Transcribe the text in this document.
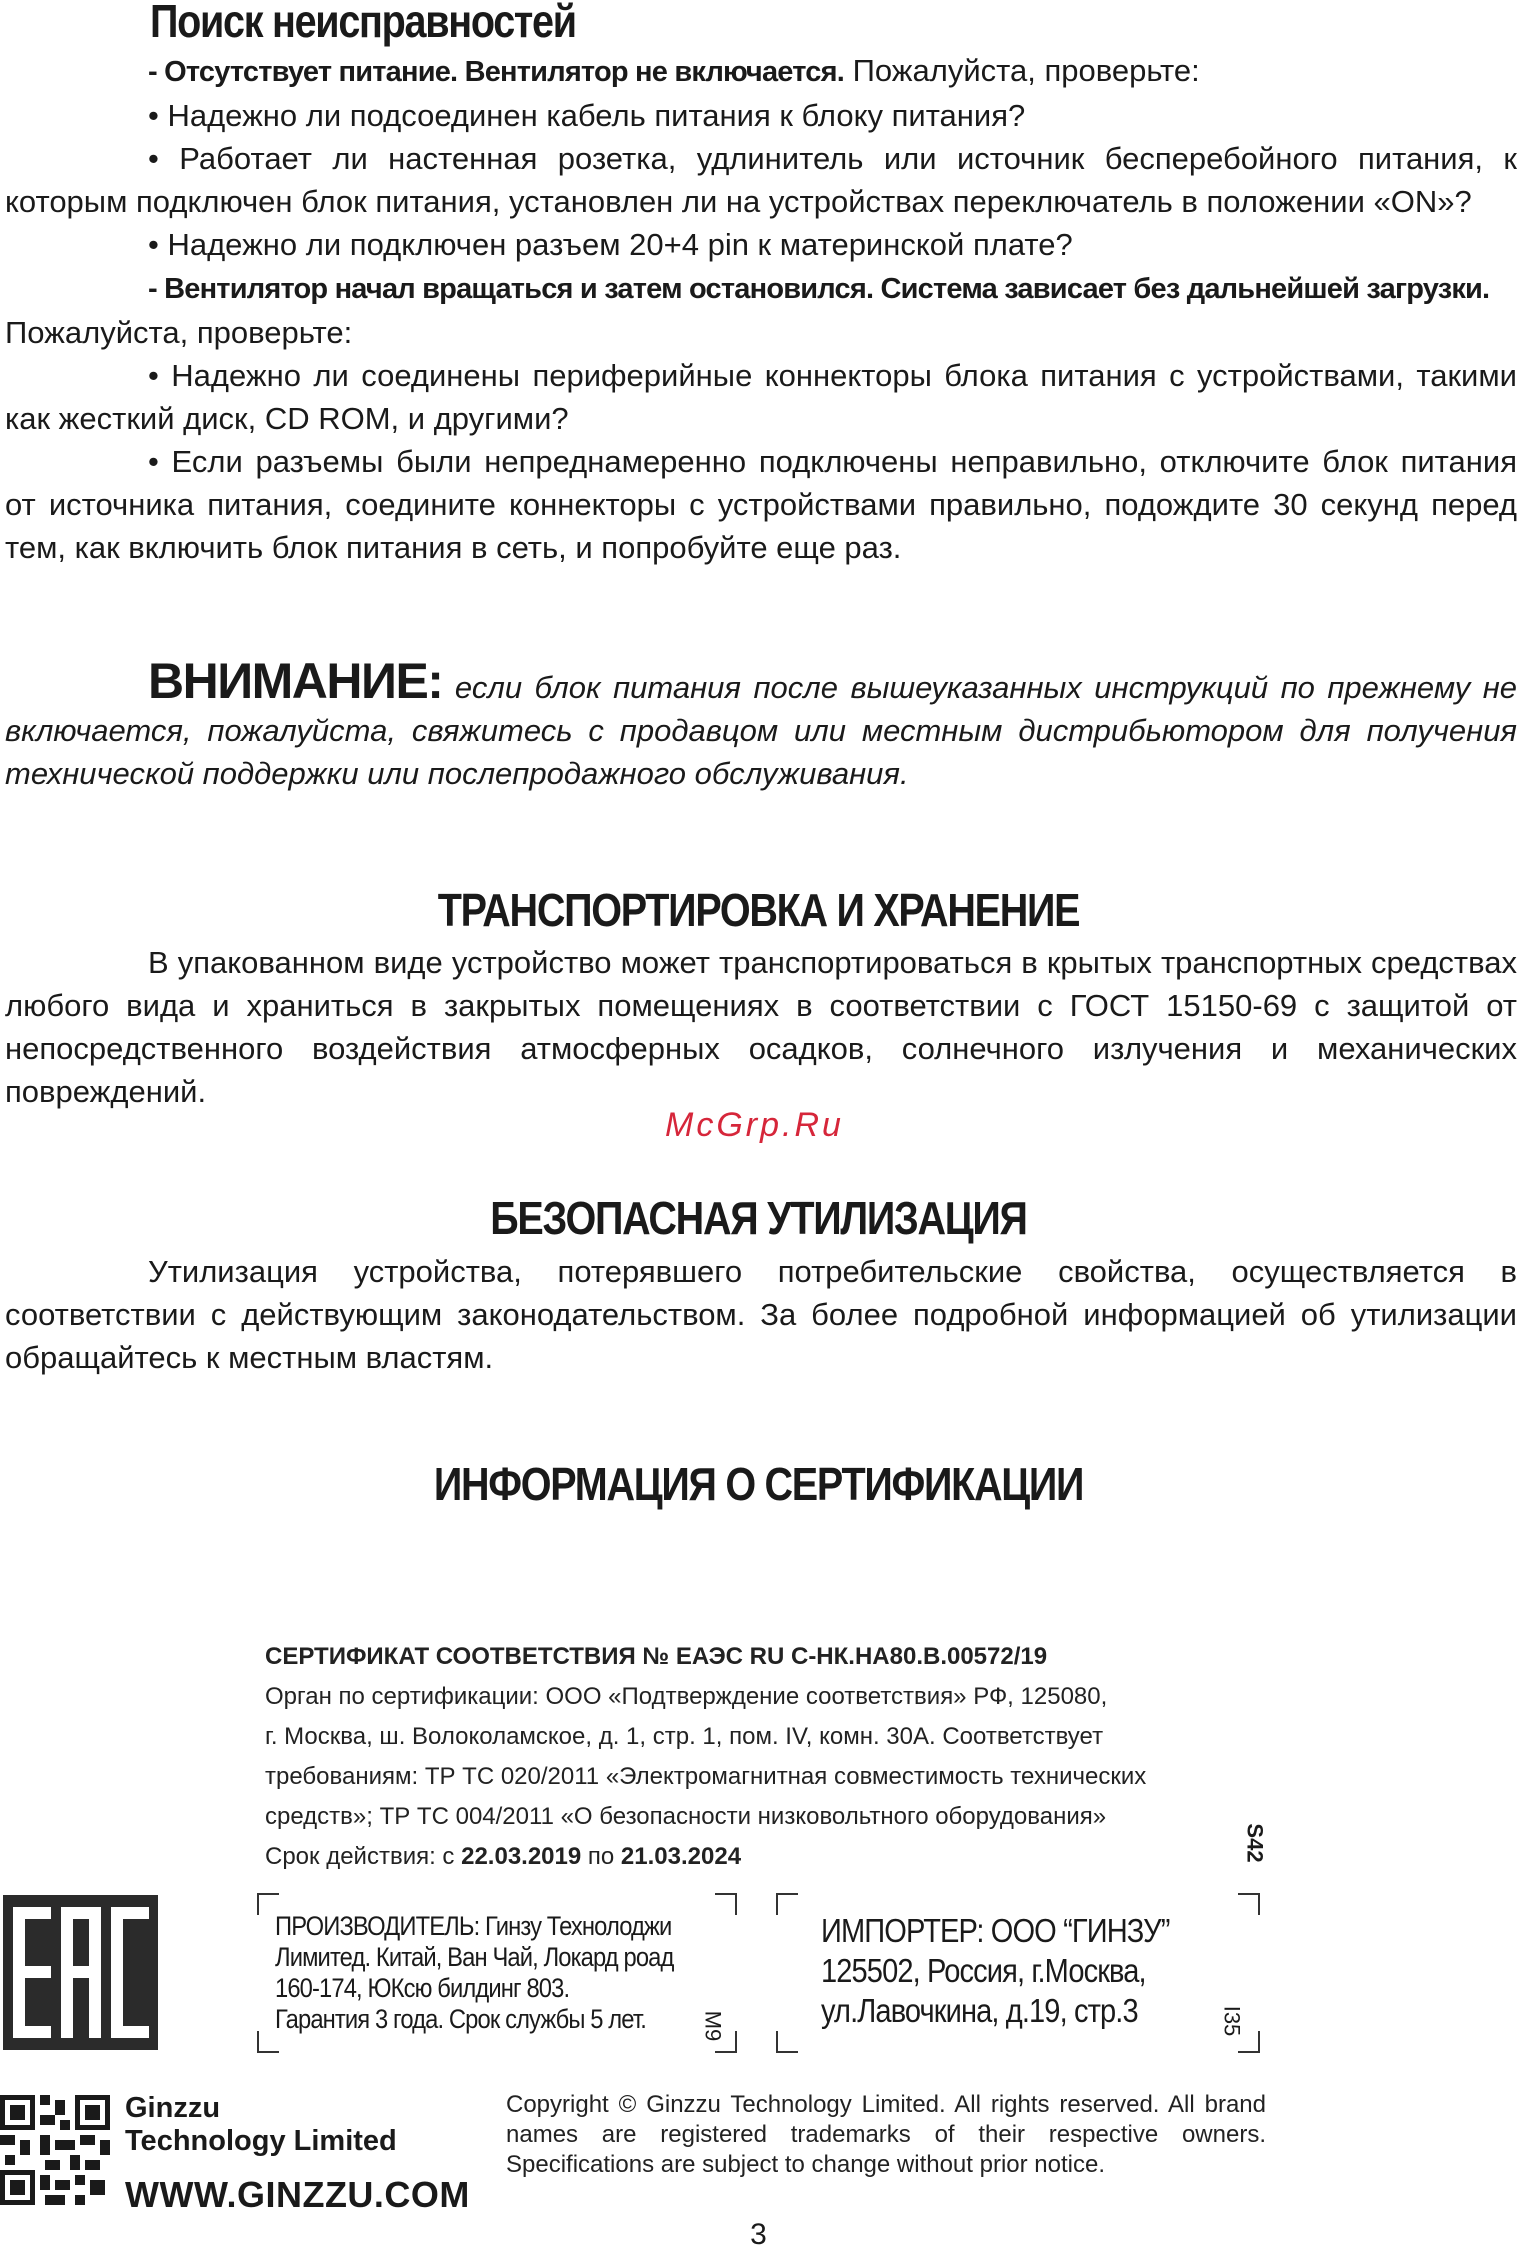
Поиск неисправностей
- Отсутствует питание. Вентилятор не включается. Пожалуйста, проверьте:
• Надежно ли подсоединен кабель питания к блоку питания?
• Работает ли настенная розетка, удлинитель или источник бесперебойного питания, к которым подключен блок питания, установлен ли на устройствах переключатель в положении «ON»?
• Надежно ли подключен разъем 20+4 pin к материнской плате?
- Вентилятор начал вращаться и затем остановился. Система зависает без дальнейшей загрузки.
Пожалуйста, проверьте:
• Надежно ли соединены периферийные коннекторы блока питания с устройствами, такими как жесткий диск, CD ROM, и другими?
• Если разъемы были непреднамеренно подключены неправильно, отключите блок питания от источника питания, соедините коннекторы с устройствами правильно, подождите 30 секунд перед тем, как включить блок питания в сеть, и попробуйте еще раз.
ВНИМАНИЕ: если блок питания после вышеуказанных инструкций по прежнему не включается, пожалуйста, свяжитесь с продавцом или местным дистрибьютором для получения технической поддержки или послепродажного обслуживания.
ТРАНСПОРТИРОВКА И ХРАНЕНИЕ
В упакованном виде устройство может транспортироваться в крытых транспортных средствах любого вида и храниться в закрытых помещениях в соответствии с ГОСТ 15150-69 с защитой от непосредственного воздействия атмосферных осадков, солнечного излучения и механических повреждений.
McGrp.Ru
БЕЗОПАСНАЯ УТИЛИЗАЦИЯ
Утилизация устройства, потерявшего потребительские свойства, осуществляется в соответствии с действующим законодательством. За более подробной информацией об утилизации обращайтесь к местным властям.
ИНФОРМАЦИЯ О СЕРТИФИКАЦИИ
СЕРТИФИКАТ СООТВЕТСТВИЯ № ЕАЭС RU С-НК.НА80.В.00572/19
Орган по сертификации: ООО «Подтверждение соответствия» РФ, 125080,
г. Москва, ш. Волоколамское, д. 1, стр. 1, пом. IV, комн. 30А. Соответствует
требованиям: ТР ТС 020/2011 «Электромагнитная совместимость технических
средств»; ТР ТС 004/2011 «О безопасности низковольтного оборудования»
Срок действия: с 22.03.2019 по 21.03.2024	S42
ПРОИЗВОДИТЕЛЬ: Гинзу Технолоджи
Лимитед. Китай, Ван Чай, Локард роад
160-174, ЮКсю билдинг 803.
Гарантия 3 года. Срок службы 5 лет.	M9
ИМПОРТЕР: ООО “ГИНЗУ”
125502, Россия, г.Москва,
ул.Лавочкина, д.19, стр.3	I35
Ginzzu
Technology Limited
WWW.GINZZU.COM
Copyright © Ginzzu Technology Limited. All rights reserved. All brand names are registered trademarks of their respective owners. Specifications are subject to change without prior notice.
3
